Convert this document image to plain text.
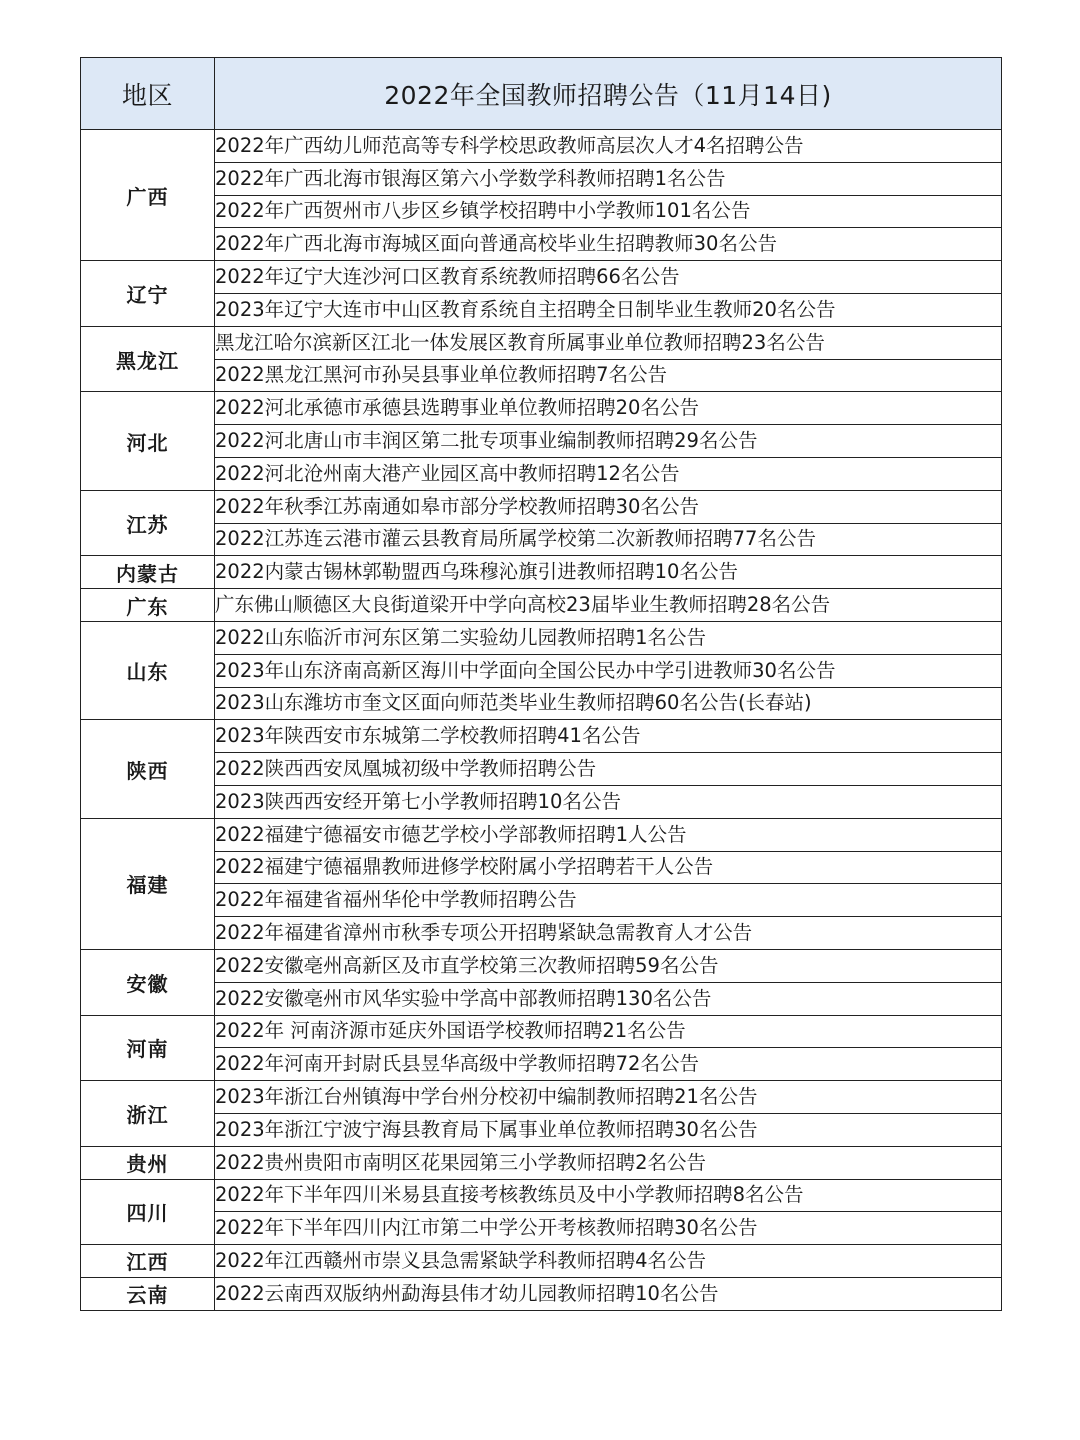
地区	2022年全国教师招聘公告（11月14日)
广西	2022年广西幼儿师范高等专科学校思政教师高层次人才4名招聘公告
	2022年广西北海市银海区第六小学数学科教师招聘1名公告
	2022年广西贺州市八步区乡镇学校招聘中小学教师101名公告
	2022年广西北海市海城区面向普通高校毕业生招聘教师30名公告
辽宁	2022年辽宁大连沙河口区教育系统教师招聘66名公告
	2023年辽宁大连市中山区教育系统自主招聘全日制毕业生教师20名公告
黑龙江	黑龙江哈尔滨新区江北一体发展区教育所属事业单位教师招聘23名公告
	2022黑龙江黑河市孙吴县事业单位教师招聘7名公告
河北	2022河北承德市承德县选聘事业单位教师招聘20名公告
	2022河北唐山市丰润区第二批专项事业编制教师招聘29名公告
	2022河北沧州南大港产业园区高中教师招聘12名公告
江苏	2022年秋季江苏南通如皋市部分学校教师招聘30名公告
	2022江苏连云港市灌云县教育局所属学校第二次新教师招聘77名公告
内蒙古	2022内蒙古锡林郭勒盟西乌珠穆沁旗引进教师招聘10名公告
广东	广东佛山顺德区大良街道梁开中学向高校23届毕业生教师招聘28名公告
山东	2022山东临沂市河东区第二实验幼儿园教师招聘1名公告
	2023年山东济南高新区海川中学面向全国公民办中学引进教师30名公告
	2023山东潍坊市奎文区面向师范类毕业生教师招聘60名公告(长春站)
陕西	2023年陕西安市东城第二学校教师招聘41名公告
	2022陕西西安凤凰城初级中学教师招聘公告
	2023陕西西安经开第七小学教师招聘10名公告
福建	2022福建宁德福安市德艺学校小学部教师招聘1人公告
	2022福建宁德福鼎教师进修学校附属小学招聘若干人公告
	2022年福建省福州华伦中学教师招聘公告
	2022年福建省漳州市秋季专项公开招聘紧缺急需教育人才公告
安徽	2022安徽亳州高新区及市直学校第三次教师招聘59名公告
	2022安徽亳州市风华实验中学高中部教师招聘130名公告
河南	2022年 河南济源市延庆外国语学校教师招聘21名公告
	2022年河南开封尉氏县昱华高级中学教师招聘72名公告
浙江	2023年浙江台州镇海中学台州分校初中编制教师招聘21名公告
	2023年浙江宁波宁海县教育局下属事业单位教师招聘30名公告
贵州	2022贵州贵阳市南明区花果园第三小学教师招聘2名公告
四川	2022年下半年四川米易县直接考核教练员及中小学教师招聘8名公告
	2022年下半年四川内江市第二中学公开考核教师招聘30名公告
江西	2022年江西赣州市崇义县急需紧缺学科教师招聘4名公告
云南	2022云南西双版纳州勐海县伟才幼儿园教师招聘10名公告
